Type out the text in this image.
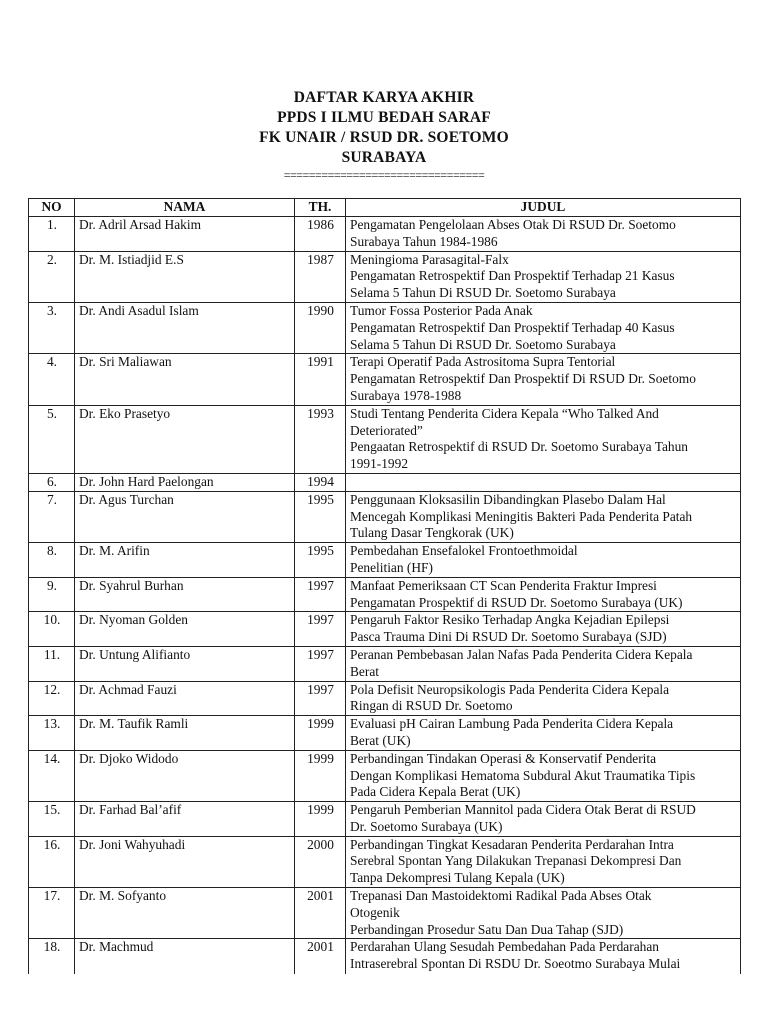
DAFTAR KARYA AKHIR
PPDS I ILMU BEDAH SARAF
FK UNAIR / RSUD DR. SOETOMO
SURABAYA
================================
NO	NAMA	TH.	JUDUL
1.	Dr. Adril Arsad Hakim	1986	Pengamatan Pengelolaan Abses Otak Di RSUD Dr. Soetomo
Surabaya Tahun 1984-1986

2.	Dr. M. Istiadjid E.S	1987	Meningioma Parasagital-Falx
Pengamatan Retrospektif Dan Prospektif Terhadap 21 Kasus
Selama 5 Tahun Di RSUD Dr. Soetomo Surabaya

3.	Dr. Andi Asadul Islam	1990	Tumor Fossa Posterior Pada Anak
Pengamatan Retrospektif Dan Prospektif Terhadap 40 Kasus
Selama 5 Tahun Di RSUD Dr. Soetomo Surabaya

4.	Dr. Sri Maliawan	1991	Terapi Operatif Pada Astrositoma Supra Tentorial
Pengamatan Retrospektif Dan Prospektif Di RSUD Dr. Soetomo
Surabaya 1978-1988

5.	Dr. Eko Prasetyo	1993	Studi Tentang Penderita Cidera Kepala “Who Talked And
Deteriorated”
Pengaatan Retrospektif di RSUD Dr. Soetomo Surabaya Tahun
1991-1992

6.	Dr. John Hard Paelongan	1994	

7.	Dr. Agus Turchan	1995	Penggunaan Kloksasilin Dibandingkan Plasebo Dalam Hal
Mencegah Komplikasi Meningitis Bakteri Pada Penderita Patah
Tulang Dasar Tengkorak (UK)

8.	Dr. M. Arifin	1995	Pembedahan Ensefalokel Frontoethmoidal
Penelitian (HF)

9.	Dr. Syahrul Burhan	1997	Manfaat Pemeriksaan CT Scan Penderita Fraktur Impresi
Pengamatan Prospektif di RSUD Dr. Soetomo Surabaya (UK)

10.	Dr. Nyoman Golden	1997	Pengaruh Faktor Resiko Terhadap Angka Kejadian Epilepsi
Pasca Trauma Dini Di RSUD Dr. Soetomo Surabaya (SJD)

11.	Dr. Untung Alifianto	1997	Peranan Pembebasan Jalan Nafas Pada Penderita Cidera Kepala
Berat

12.	Dr. Achmad Fauzi	1997	Pola Defisit Neuropsikologis Pada Penderita Cidera Kepala
Ringan di RSUD Dr. Soetomo

13.	Dr. M. Taufik Ramli	1999	Evaluasi pH Cairan Lambung Pada Penderita Cidera Kepala
Berat (UK)

14.	Dr. Djoko Widodo	1999	Perbandingan Tindakan Operasi & Konservatif Penderita
Dengan Komplikasi Hematoma Subdural Akut Traumatika Tipis
Pada Cidera Kepala Berat (UK)

15.	Dr. Farhad Bal’afif	1999	Pengaruh Pemberian Mannitol pada Cidera Otak Berat di RSUD
Dr. Soetomo Surabaya (UK)

16.	Dr. Joni Wahyuhadi	2000	Perbandingan Tingkat Kesadaran Penderita Perdarahan Intra
Serebral Spontan Yang Dilakukan Trepanasi Dekompresi Dan
Tanpa Dekompresi Tulang Kepala (UK)

17.	Dr. M. Sofyanto	2001	Trepanasi Dan Mastoidektomi Radikal Pada Abses Otak
Otogenik
Perbandingan Prosedur Satu Dan Dua Tahap (SJD)

18.	Dr. Machmud	2001	Perdarahan Ulang Sesudah Pembedahan Pada Perdarahan
Intraserebral Spontan Di RSDU Dr. Soeotmo Surabaya Mulai
